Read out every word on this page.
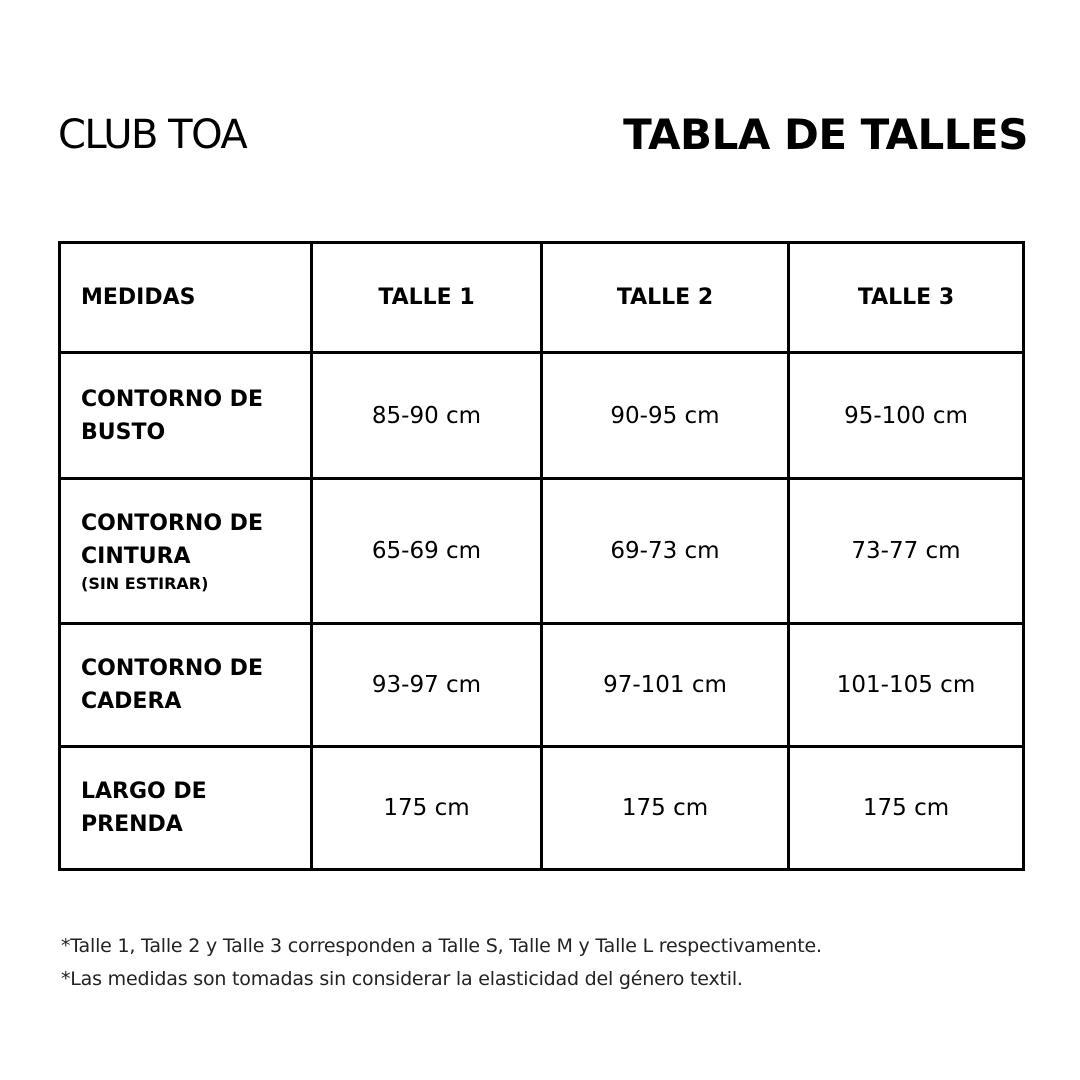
CLUB TOA	TABLA DE TALLES
MEDIDAS	TALLE 1	TALLE 2	TALLE 3
CONTORNO DE
BUSTO	85-90 cm	90-95 cm	95-100 cm
CONTORNO DE
CINTURA
(SIN ESTIRAR)	65-69 cm	69-73 cm	73-77 cm
CONTORNO DE
CADERA	93-97 cm	97-101 cm	101-105 cm
LARGO DE
PRENDA	175 cm	175 cm	175 cm
*Talle 1, Talle 2 y Talle 3 corresponden a Talle S, Talle M y Talle L respectivamente.
*Las medidas son tomadas sin considerar la elasticidad del género textil.
